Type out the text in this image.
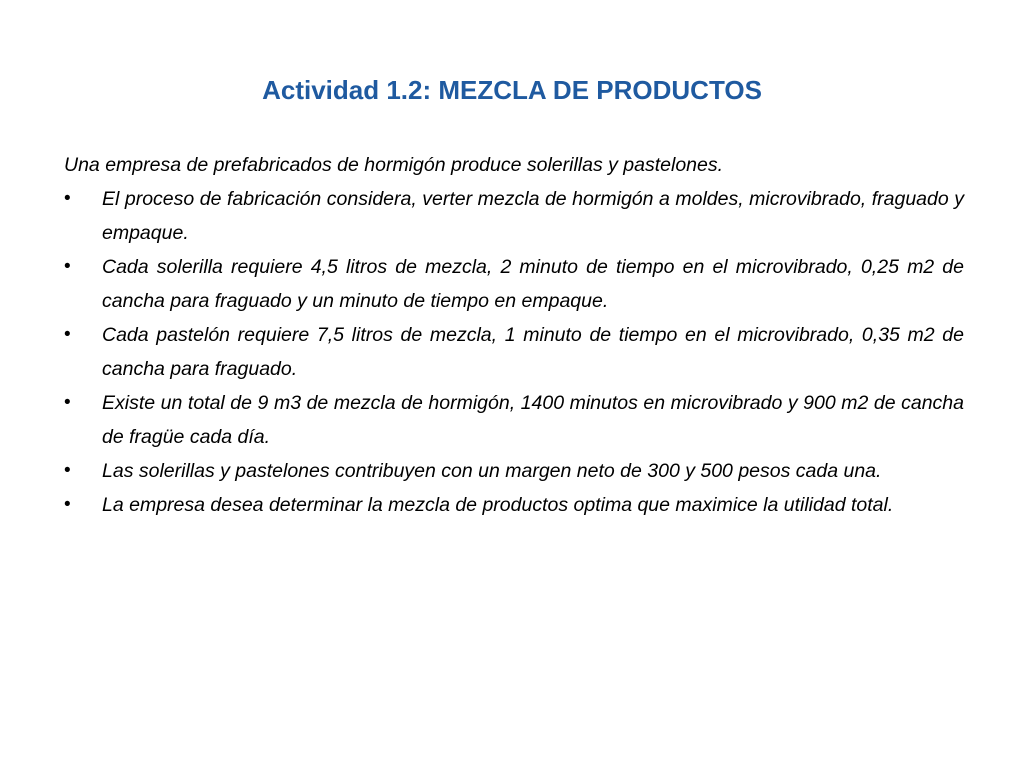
Actividad 1.2: MEZCLA DE PRODUCTOS

Una empresa de prefabricados de hormigón produce solerillas y pastelones.

• El proceso de fabricación considera, verter mezcla de hormigón a moldes, microvibrado, fraguado y empaque.
• Cada solerilla requiere 4,5 litros de mezcla, 2 minuto de tiempo en el microvibrado, 0,25 m2 de cancha para fraguado y un minuto de tiempo en empaque.
• Cada pastelón requiere 7,5 litros de mezcla, 1 minuto de tiempo en el microvibrado, 0,35 m2 de cancha para fraguado.
• Existe un total de 9 m3 de mezcla de hormigón, 1400 minutos en microvibrado y 900 m2 de cancha de fragüe cada día.
• Las solerillas y pastelones contribuyen con un margen neto de 300 y 500 pesos cada una.
• La empresa desea determinar la mezcla de productos optima que maximice la utilidad total.
